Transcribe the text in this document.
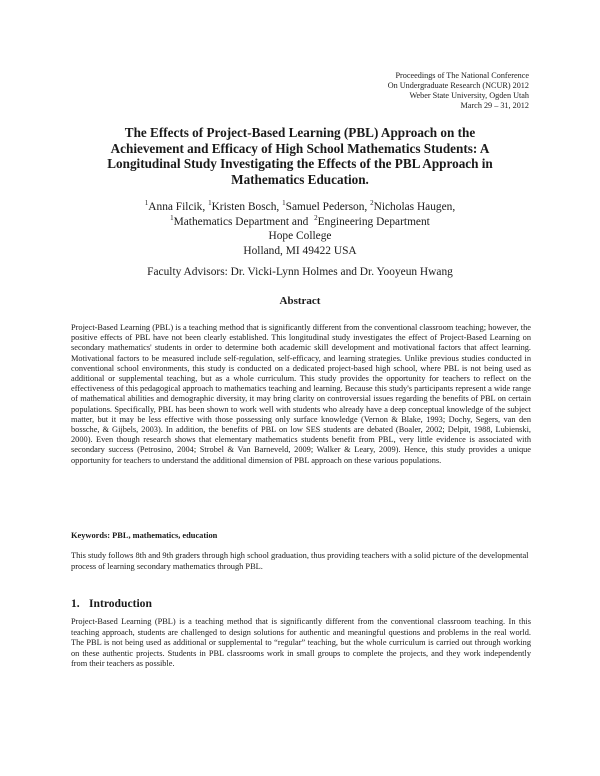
Proceedings of The National Conference
On Undergraduate Research (NCUR) 2012
Weber State University, Ogden Utah
March 29 – 31, 2012
The Effects of Project-Based Learning (PBL) Approach on the Achievement and Efficacy of High School Mathematics Students: A Longitudinal Study Investigating the Effects of the PBL Approach in Mathematics Education.
$^1$Anna Filcik, $^1$Kristen Bosch, $^1$Samuel Pederson, $^2$Nicholas Haugen,
$^1$Mathematics Department and  $^2$Engineering Department
Hope College
Holland, MI 49422 USA
Faculty Advisors: Dr. Vicki-Lynn Holmes and Dr. Yooyeun Hwang
Abstract
Project-Based Learning (PBL) is a teaching method that is significantly different from the conventional classroom teaching; however, the positive effects of PBL have not been clearly established. This longitudinal study investigates the effect of Project-Based Learning on secondary mathematics' students in order to determine both academic skill development and motivational factors that affect learning. Motivational factors to be measured include self-regulation, self-efficacy, and learning strategies. Unlike previous studies conducted in conventional school environments, this study is conducted on a dedicated project-based high school, where PBL is not being used as additional or supplemental teaching, but as a whole curriculum. This study provides the opportunity for teachers to reflect on the effectiveness of this pedagogical approach to mathematics teaching and learning. Because this study's participants represent a wide range of mathematical abilities and demographic diversity, it may bring clarity on controversial issues regarding the benefits of PBL on certain populations. Specifically, PBL has been shown to work well with students who already have a deep conceptual knowledge of the subject matter, but it may be less effective with those possessing only surface knowledge (Vernon & Blake, 1993; Dochy, Segers, van den bossche, & Gijbels, 2003). In addition, the benefits of PBL on low SES students are debated (Boaler, 2002; Delpit, 1988, Lubienski, 2000). Even though research shows that elementary mathematics students benefit from PBL, very little evidence is associated with secondary success (Petrosino, 2004; Strobel & Van Barneveld, 2009; Walker & Leary, 2009). Hence, this study provides a unique opportunity for teachers to understand the additional dimension of PBL approach on these various populations.
Keywords: PBL, mathematics, education
This study follows 8th and 9th graders through high school graduation, thus providing teachers with a solid picture of the developmental process of learning secondary mathematics through PBL.
1. Introduction
Project-Based Learning (PBL) is a teaching method that is significantly different from the conventional classroom teaching. In this teaching approach, students are challenged to design solutions for authentic and meaningful questions and problems in the real world. The PBL is not being used as additional or supplemental to “regular” teaching, but the whole curriculum is carried out through working on these authentic projects. Students in PBL classrooms work in small groups to complete the projects, and they work independently from their teachers as possible.
